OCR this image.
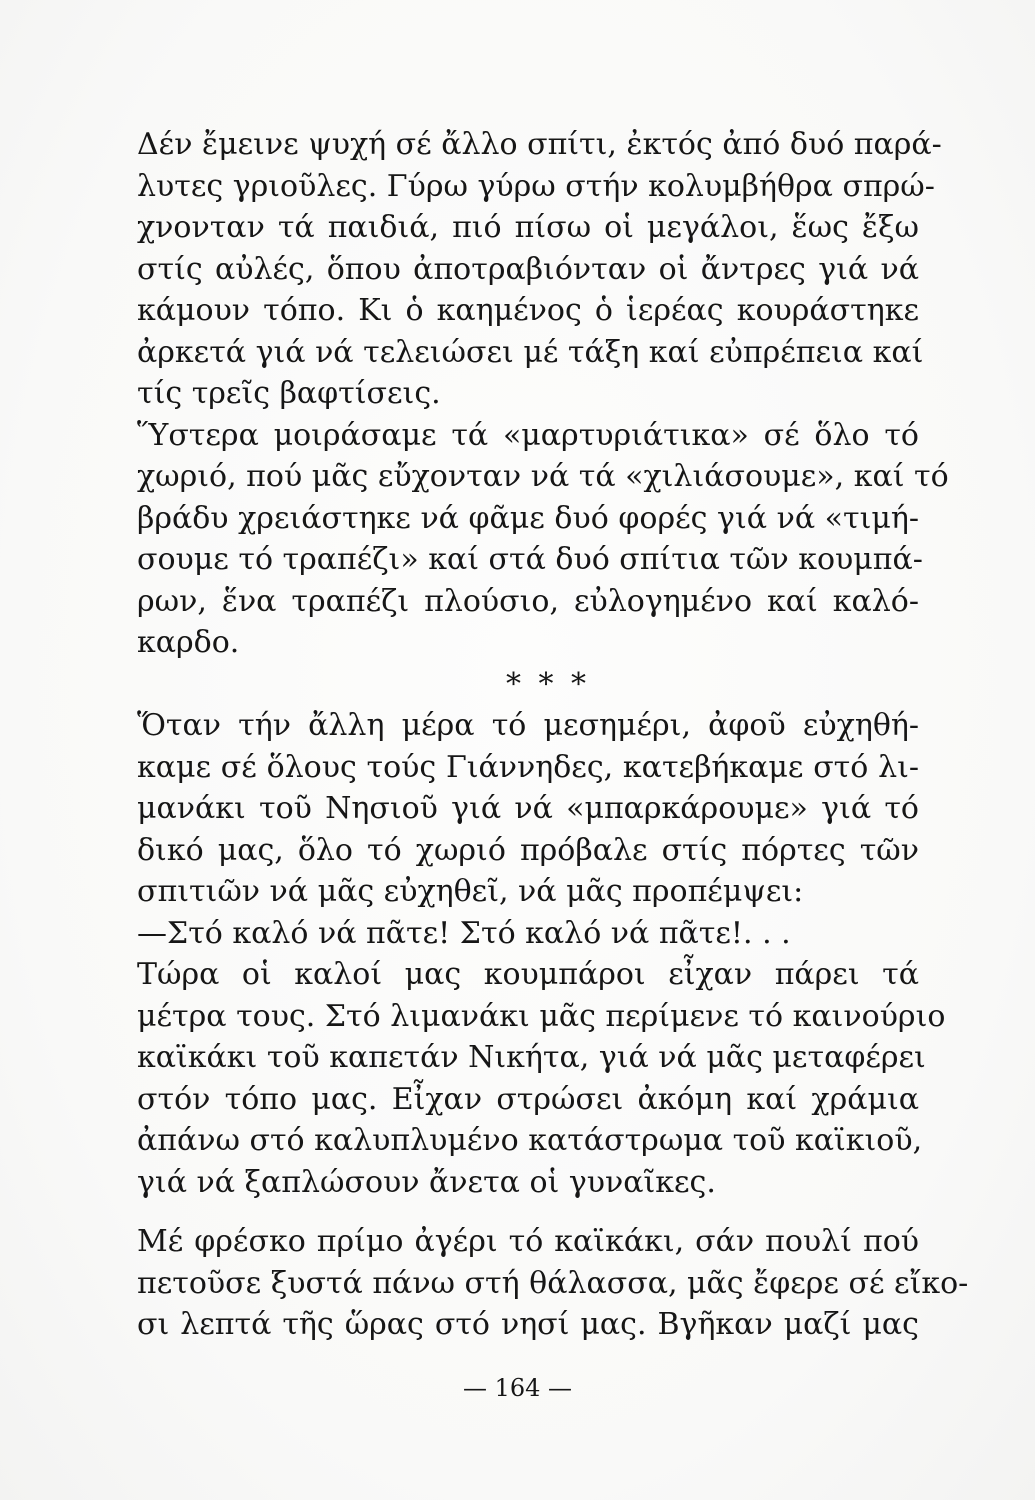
Δέν ἔμεινε ψυχή σέ ἄλλο σπίτι, ἐκτός ἀπό δυό παρά-
λυτες γριοῦλες. Γύρω γύρω στήν κολυμβήθρα σπρώ-
χνονταν τά παιδιά, πιό πίσω οἱ μεγάλοι, ἕως ἔξω
στίς αὐλές, ὅπου ἀποτραβιόνταν οἱ ἄντρες γιά νά
κάμουν τόπο. Κι ὁ καημένος ὁ ἱερέας κουράστηκε
ἀρκετά γιά νά τελειώσει μέ τάξη καί εὐπρέπεια καί
τίς τρεῖς βαφτίσεις.
Ὕστερα μοιράσαμε τά «μαρτυριάτικα» σέ ὅλο τό
χωριό, πού μᾶς εὔχονταν νά τά «χιλιάσουμε», καί τό
βράδυ χρειάστηκε νά φᾶμε δυό φορές γιά νά «τιμή-
σουμε τό τραπέζι» καί στά δυό σπίτια τῶν κουμπά-
ρων, ἕνα τραπέζι πλούσιο, εὐλογημένο καί καλό-
καρδο.
* * *
Ὅταν τήν ἄλλη μέρα τό μεσημέρι, ἀφοῦ εὐχηθή-
καμε σέ ὅλους τούς Γιάννηδες, κατεβήκαμε στό λι-
μανάκι τοῦ Νησιοῦ γιά νά «μπαρκάρουμε» γιά τό
δικό μας, ὅλο τό χωριό πρόβαλε στίς πόρτες τῶν
σπιτιῶν νά μᾶς εὐχηθεῖ, νά μᾶς προπέμψει:
—Στό καλό νά πᾶτε! Στό καλό νά πᾶτε!. . .
Τώρα οἱ καλοί μας κουμπάροι εἶχαν πάρει τά
μέτρα τους. Στό λιμανάκι μᾶς περίμενε τό καινούριο
καϊκάκι τοῦ καπετάν Νικήτα, γιά νά μᾶς μεταφέρει
στόν τόπο μας. Εἶχαν στρώσει ἀκόμη καί χράμια
ἀπάνω στό καλυπλυμένο κατάστρωμα τοῦ καϊκιοῦ,
γιά νά ξαπλώσουν ἄνετα οἱ γυναῖκες.
Μέ φρέσκο πρίμο ἀγέρι τό καϊκάκι, σάν πουλί πού
πετοῦσε ξυστά πάνω στή θάλασσα, μᾶς ἔφερε σέ εἴκο-
σι λεπτά τῆς ὥρας στό νησί μας. Βγῆκαν μαζί μας
— 164 —
